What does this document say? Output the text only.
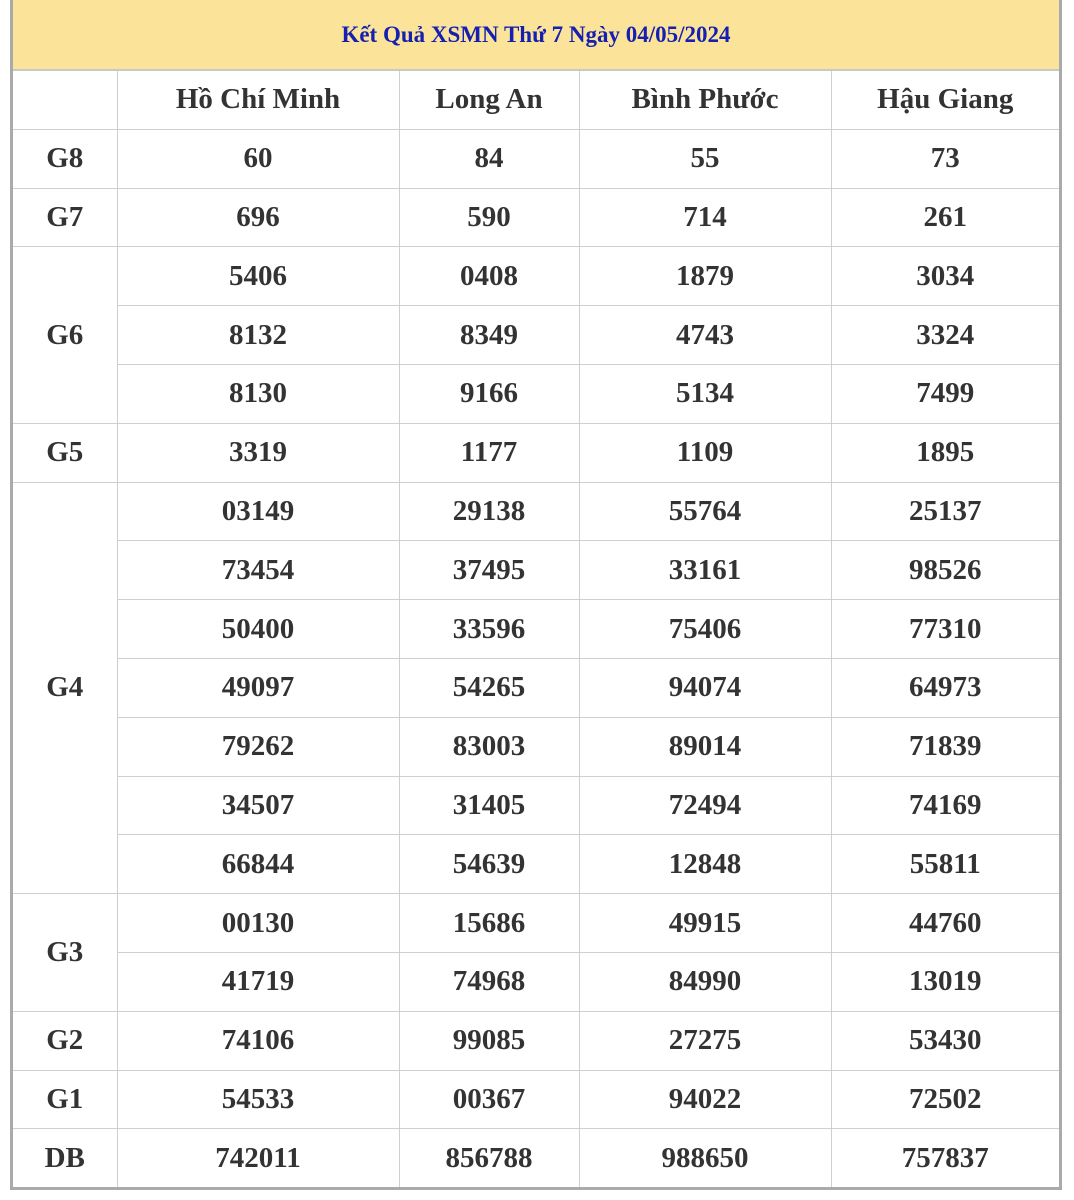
Kết Quả XSMN Thứ 7 Ngày 04/05/2024
	Hồ Chí Minh	Long An	Bình Phước	Hậu Giang
G8	60	84	55	73
G7	696	590	714	261
G6	5406	0408	1879	3034
	8132	8349	4743	3324
	8130	9166	5134	7499
G5	3319	1177	1109	1895
G4	03149	29138	55764	25137
	73454	37495	33161	98526
	50400	33596	75406	77310
	49097	54265	94074	64973
	79262	83003	89014	71839
	34507	31405	72494	74169
	66844	54639	12848	55811
G3	00130	15686	49915	44760
	41719	74968	84990	13019
G2	74106	99085	27275	53430
G1	54533	00367	94022	72502
DB	742011	856788	988650	757837
